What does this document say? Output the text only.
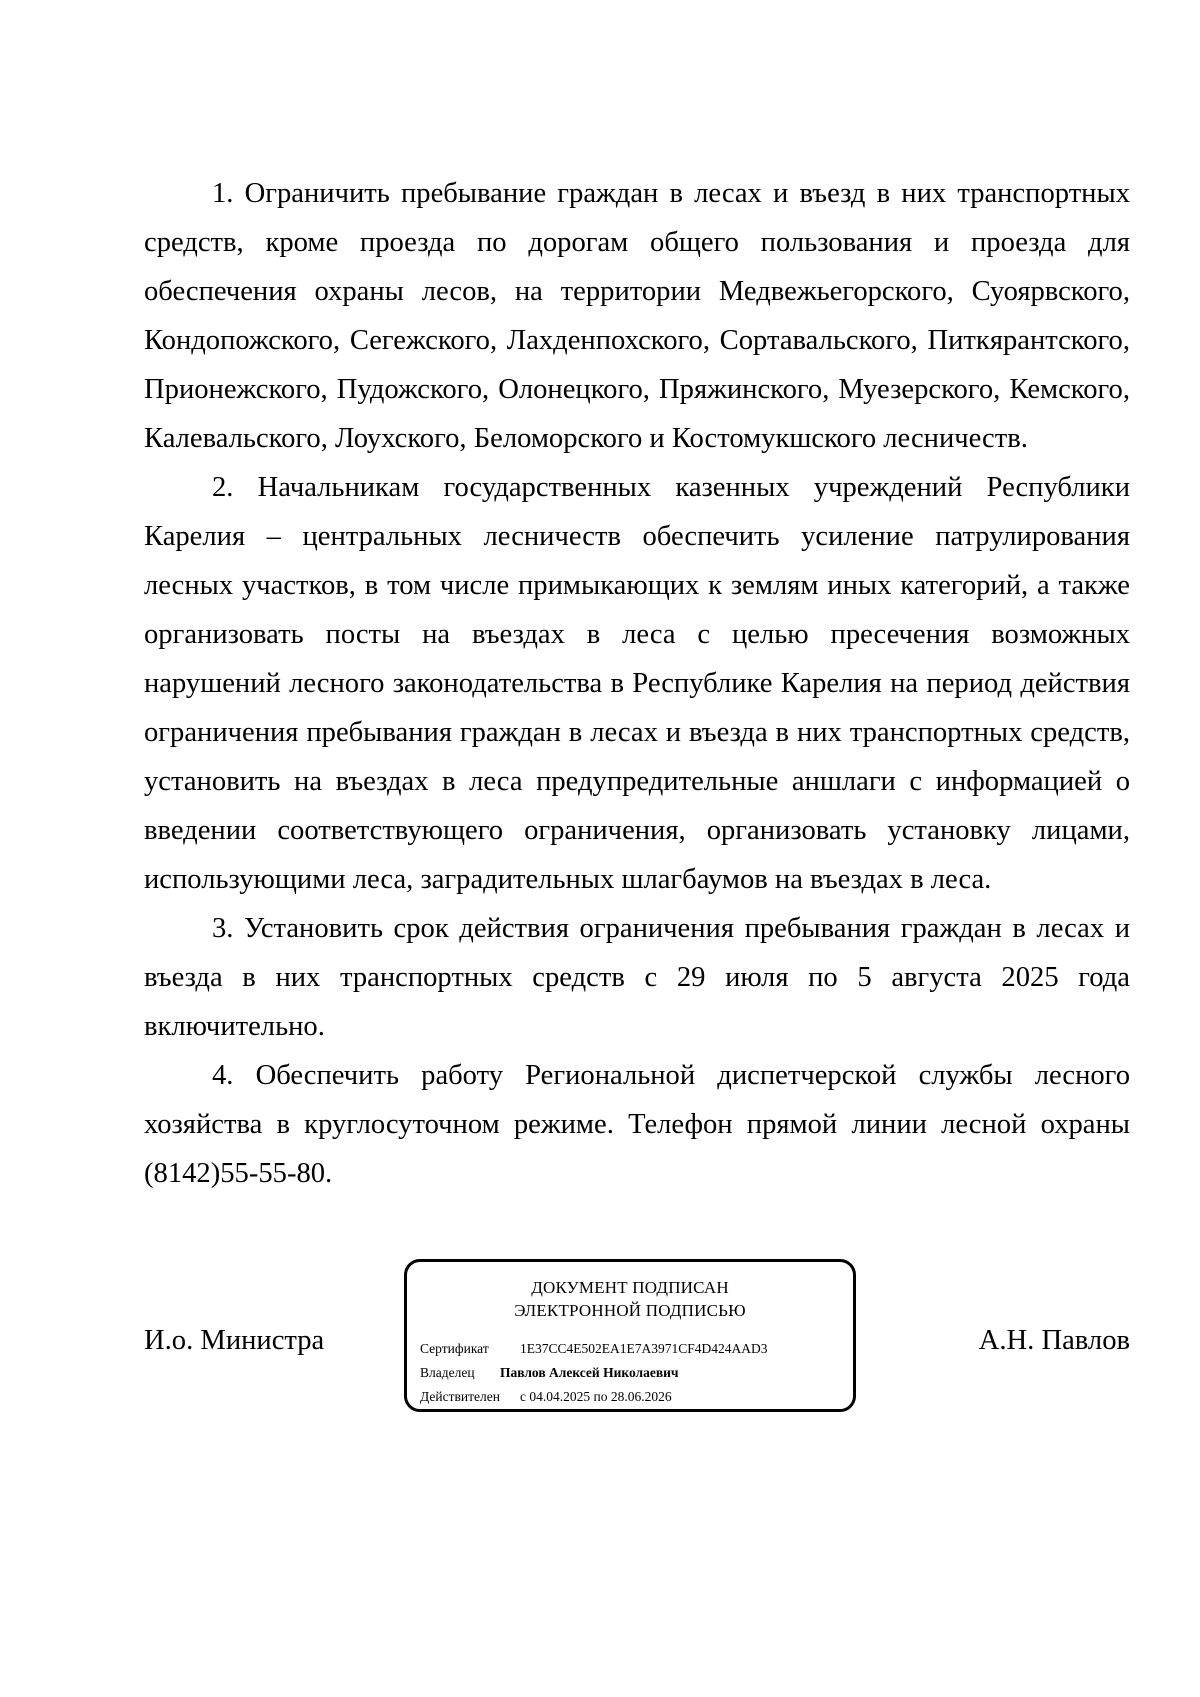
1. Ограничить пребывание граждан в лесах и въезд в них транспортных средств, кроме проезда по дорогам общего пользования и проезда для обеспечения охраны лесов, на территории Медвежьегорского, Суоярвского, Кондопожского, Сегежского, Лахденпохского, Сортавальского, Питкярантского, Прионежского, Пудожского, Олонецкого, Пряжинского, Муезерского, Кемского, Калевальского, Лоухского, Беломорского и Костомукшского лесничеств.

2. Начальникам государственных казенных учреждений Республики Карелия – центральных лесничеств обеспечить усиление патрулирования лесных участков, в том числе примыкающих к землям иных категорий, а также организовать посты на въездах в леса с целью пресечения возможных нарушений лесного законодательства в Республике Карелия на период действия ограничения пребывания граждан в лесах и въезда в них транспортных средств, установить на въездах в леса предупредительные аншлаги с информацией о введении соответствующего ограничения, организовать установку лицами, использующими леса, заградительных шлагбаумов на въездах в леса.

3. Установить срок действия ограничения пребывания граждан в лесах и въезда в них транспортных средств с 29 июля по 5 августа 2025 года включительно.

4. Обеспечить работу Региональной диспетчерской службы лесного хозяйства в круглосуточном режиме. Телефон прямой линии лесной охраны (8142)55-55-80.

И.о. Министра
ДОКУМЕНТ ПОДПИСАН
ЭЛЕКТРОННОЙ ПОДПИСЬЮ
Сертификат 1E37CC4E502EA1E7A3971CF4D424AAD3
Владелец Павлов Алексей Николаевич
Действителен с 04.04.2025 по 28.06.2026
А.Н. Павлов
